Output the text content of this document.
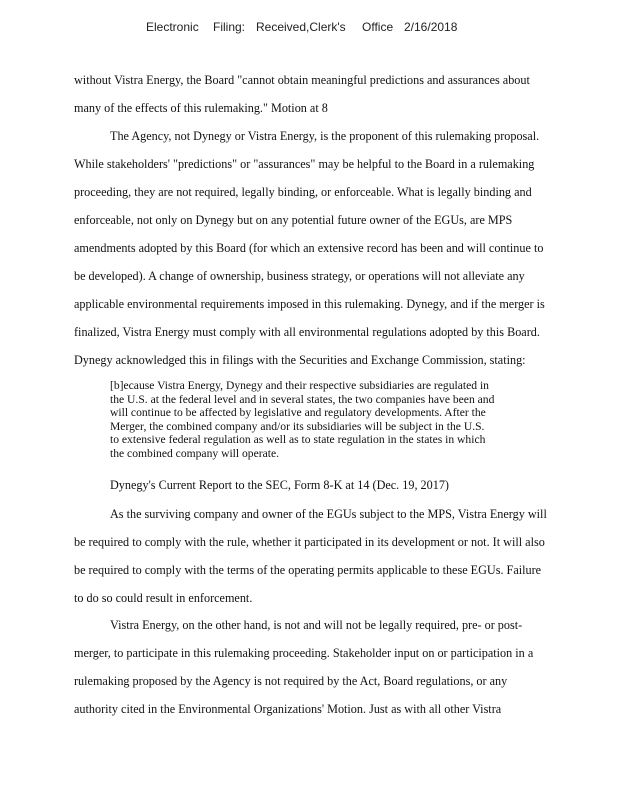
Electronic Filing: Received,Clerk's Office 2/16/2018
without Vistra Energy, the Board "cannot obtain meaningful predictions and assurances about
many of the effects of this rulemaking." Motion at 8
The Agency, not Dynegy or Vistra Energy, is the proponent of this rulemaking proposal.
While stakeholders' "predictions" or "assurances" may be helpful to the Board in a rulemaking
proceeding, they are not required, legally binding, or enforceable. What is legally binding and
enforceable, not only on Dynegy but on any potential future owner of the EGUs, are MPS
amendments adopted by this Board (for which an extensive record has been and will continue to
be developed). A change of ownership, business strategy, or operations will not alleviate any
applicable environmental requirements imposed in this rulemaking. Dynegy, and if the merger is
finalized, Vistra Energy must comply with all environmental regulations adopted by this Board.
Dynegy acknowledged this in filings with the Securities and Exchange Commission, stating:
[b]ecause Vistra Energy, Dynegy and their respective subsidiaries are regulated in
the U.S. at the federal level and in several states, the two companies have been and
will continue to be affected by legislative and regulatory developments. After the
Merger, the combined company and/or its subsidiaries will be subject in the U.S.
to extensive federal regulation as well as to state regulation in the states in which
the combined company will operate.
Dynegy's Current Report to the SEC, Form 8-K at 14 (Dec. 19, 2017)
As the surviving company and owner of the EGUs subject to the MPS, Vistra Energy will
be required to comply with the rule, whether it participated in its development or not. It will also
be required to comply with the terms of the operating permits applicable to these EGUs. Failure
to do so could result in enforcement.
Vistra Energy, on the other hand, is not and will not be legally required, pre- or post-
merger, to participate in this rulemaking proceeding. Stakeholder input on or participation in a
rulemaking proposed by the Agency is not required by the Act, Board regulations, or any
authority cited in the Environmental Organizations' Motion. Just as with all other Vistra
